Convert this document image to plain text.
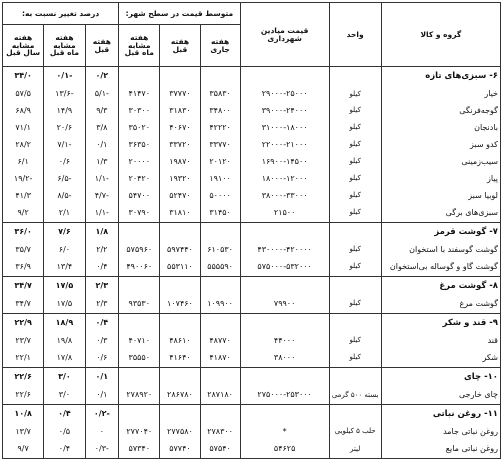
گروه و کالا	واحد	قیمت میادین شهرداری	متوسط قیمت در سطح شهر:			درصد تغییر نسبت به:		
			هفته جاری	هفته قبل	هفته مشابه ماه قبل	هفته قبل	هفته مشابه ماه قبل	هفته مشابه سال قبل
۶- سبزی‌های تازه						۰/۲	-۰/۱	۳۴/۰
خیار	کیلو	۲۹۰۰۰-۲۵۰۰۰	۳۵۸۳۰	۳۷۷۷۰	۴۱۴۷۰	-۵/۱	-۱۳/۶	۵۷/۵
گوجه‌فرنگی	کیلو	۳۹۰۰۰-۲۴۰۰۰	۳۴۸۰۰	۳۱۸۳۰	۳۰۳۰۰	۹/۳	۱۴/۹	۶۸/۹
بادنجان	کیلو	۳۱۰۰۰-۱۸۰۰۰	۴۲۲۲۰	۴۰۶۷۰	۳۵۰۲۰	۳/۸	۲۰/۶	۷۱/۱
کدو سبز	کیلو	۲۲۰۰۰-۲۱۰۰۰	۳۳۷۷۰	۳۳۷۲۰	۳۶۳۵۰	۰/۱	-۷/۱	۲۸/۲
سیب‌زمینی	کیلو	۱۶۹۰۰-۱۴۵۰۰	۲۰۱۲۰	۱۹۸۷۰	۲۰۰۰۰	۱/۳	۰/۶	۶/۱
پیاز	کیلو	۱۸۰۰۰-۱۲۰۰۰	۱۹۱۰۰	۱۹۳۲۰	۲۰۴۲۰	-۱/۱	-۶/۵	-۱۹/۲
لوبیا سبز	کیلو	۳۸۰۰۰-۳۳۰۰۰	۵۰۰۰۰	۵۲۴۷۰	۵۴۷۰۰	-۴/۷	-۸/۵	۴۱/۳
سبزی‌های برگی	کیلو	۲۱۵۰۰	۳۱۴۵۰	۳۱۸۱۰	۳۰۷۹۰	-۱/۱	۲/۱	۹/۲
۷- گوشت قرمز						۱/۸	۷/۶	۳۶/۰
گوشت گوسفند با استخوان	کیلو	۴۳۰۰۰۰-۴۲۰۰۰۰	۶۱۰۵۳۰	۵۹۷۴۴۰	۵۷۵۹۶۰	۲/۲	۶/۰	۳۵/۷
گوشت گاو و گوساله بی‌استخوان	کیلو	۵۷۵۰۰۰-۵۳۲۰۰۰	۵۵۵۵۹۰	۵۵۳۱۱۰	۴۹۰۰۶۰	۰/۴	۱۳/۴	۳۶/۹
۸- گوشت مرغ						۲/۳	۱۷/۵	۳۴/۷
گوشت مرغ	کیلو	۷۹۹۰۰	۱۰۹۹۰۰	۱۰۷۴۶۰	۹۳۵۳۰	۲/۳	۱۷/۵	۳۴/۷
۹- قند و شکر						۰/۴	۱۸/۹	۲۲/۹
قند	کیلو	۴۴۰۰۰	۴۸۷۷۰	۴۸۶۱۰	۴۰۷۱۰	۰/۳	۱۹/۸	۲۳/۷
شکر	کیلو	۳۸۰۰۰	۴۱۸۷۰	۴۱۶۴۰	۳۵۵۵۰	۰/۶	۱۷/۸	۲۲/۱
۱۰- چای						۰/۱	۳/۰	۲۲/۶
چای خارجی	بسته ۵۰۰ گرمی	۲۷۵۰۰۰-۲۵۳۰۰۰	۲۸۷۱۸۰	۲۸۶۷۸۰	۲۷۸۹۲۰	۰/۱	۳/۰	۲۲/۶
۱۱- روغن نباتی						-۰/۲	۰/۴	۱۰/۸
روغن نباتی جامد	حلب ۵ کیلویی	*	۲۷۸۳۰۰	۲۷۷۵۸۰	۲۷۷۰۴۰	۰	۰/۵	۱۳/۷
روغن نباتی مایع	لیتر	۵۴۶۲۵	۵۷۵۴۰	۵۷۷۴۰	۵۷۳۴۰	-۰/۳	۰/۴	۹/۷
